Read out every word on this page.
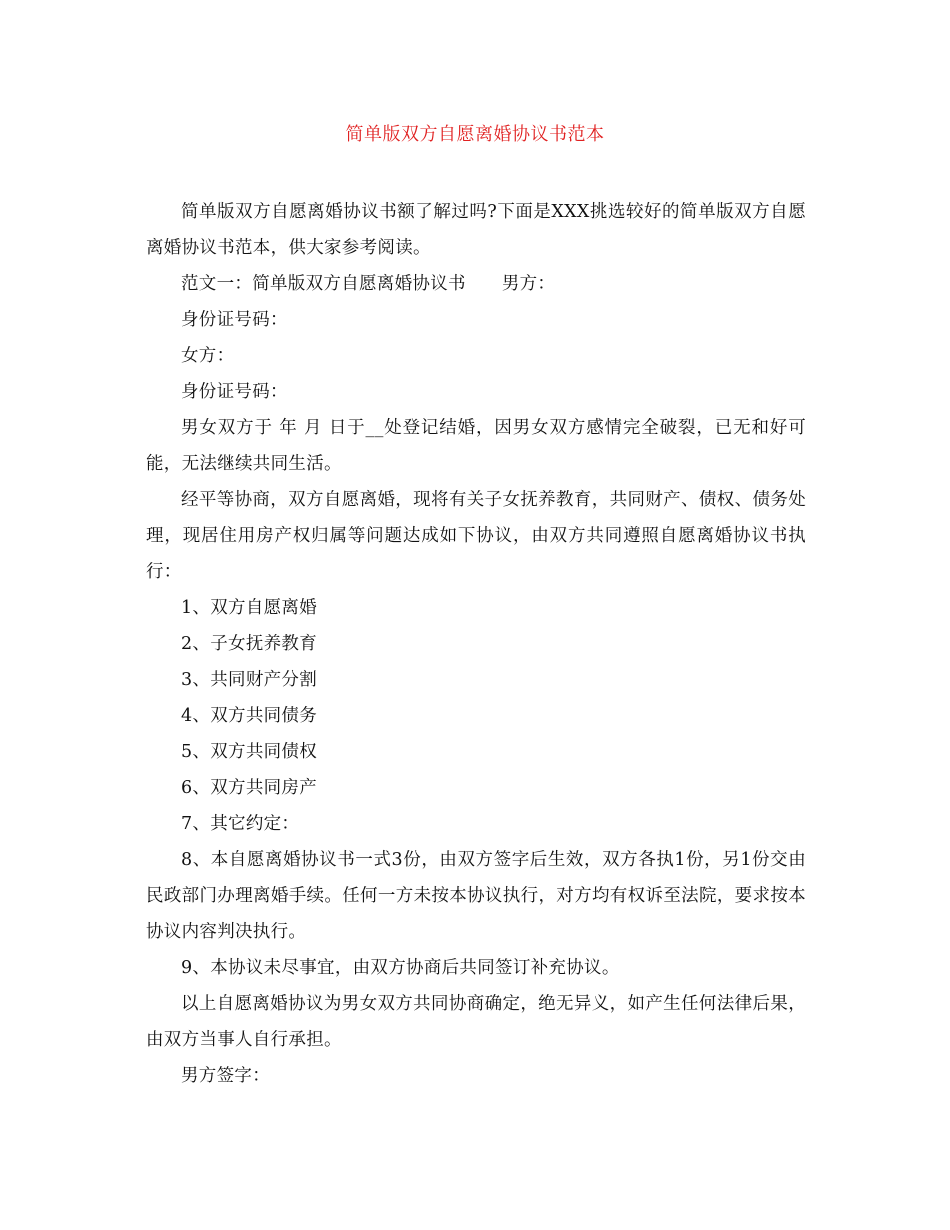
简单版双方自愿离婚协议书范本

简单版双方自愿离婚协议书额了解过吗?下面是XXX挑选较好的简单版双方自愿离婚协议书范本，供大家参考阅读。

范文一：简单版双方自愿离婚协议书 男方：

身份证号码：

女方：

身份证号码：

男女双方于 年 月 日于__处登记结婚，因男女双方感情完全破裂，已无和好可能，无法继续共同生活。

经平等协商，双方自愿离婚，现将有关子女抚养教育，共同财产、债权、债务处理，现居住用房产权归属等问题达成如下协议，由双方共同遵照自愿离婚协议书执行：

1、双方自愿离婚

2、子女抚养教育

3、共同财产分割

4、双方共同债务

5、双方共同债权

6、双方共同房产

7、其它约定：

8、本自愿离婚协议书一式3份，由双方签字后生效，双方各执1份，另1份交由民政部门办理离婚手续。任何一方未按本协议执行，对方均有权诉至法院，要求按本协议内容判决执行。

9、本协议未尽事宜，由双方协商后共同签订补充协议。

以上自愿离婚协议为男女双方共同协商确定，绝无异义，如产生任何法律后果，由双方当事人自行承担。

男方签字：
